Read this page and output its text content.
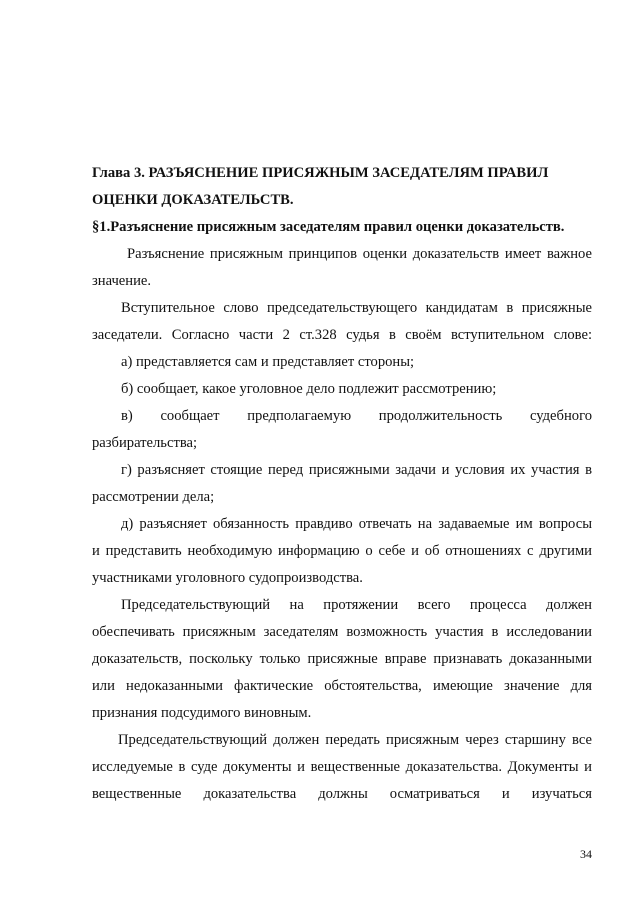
Глава 3. РАЗЪЯСНЕНИЕ ПРИСЯЖНЫМ ЗАСЕДАТЕЛЯМ ПРАВИЛ
ОЦЕНКИ ДОКАЗАТЕЛЬСТВ.
§1.Разъяснение присяжным заседателям правил оценки доказательств.
Разъяснение присяжным принципов оценки доказательств имеет важное
значение.
Вступительное слово председательствующего кандидатам в присяжные
заседатели. Согласно части 2 ст.328 судья в своём вступительном слове:
а) представляется сам и представляет стороны;
б) сообщает, какое уголовное дело подлежит рассмотрению;
в) сообщает предполагаемую продолжительность судебного
разбирательства;
г) разъясняет стоящие перед присяжными задачи и условия их участия в
рассмотрении дела;
д) разъясняет обязанность правдиво отвечать на задаваемые им вопросы
и представить необходимую информацию о себе и об отношениях с другими
участниками уголовного судопроизводства.
Председательствующий на протяжении всего процесса должен
обеспечивать присяжным заседателям возможность участия в исследовании
доказательств, поскольку только присяжные вправе признавать доказанными
или недоказанными фактические обстоятельства, имеющие значение для
признания подсудимого виновным.
Председательствующий должен передать присяжным через старшину все
исследуемые в суде документы и вещественные доказательства. Документы и
вещественные доказательства должны осматриваться и изучаться
34
